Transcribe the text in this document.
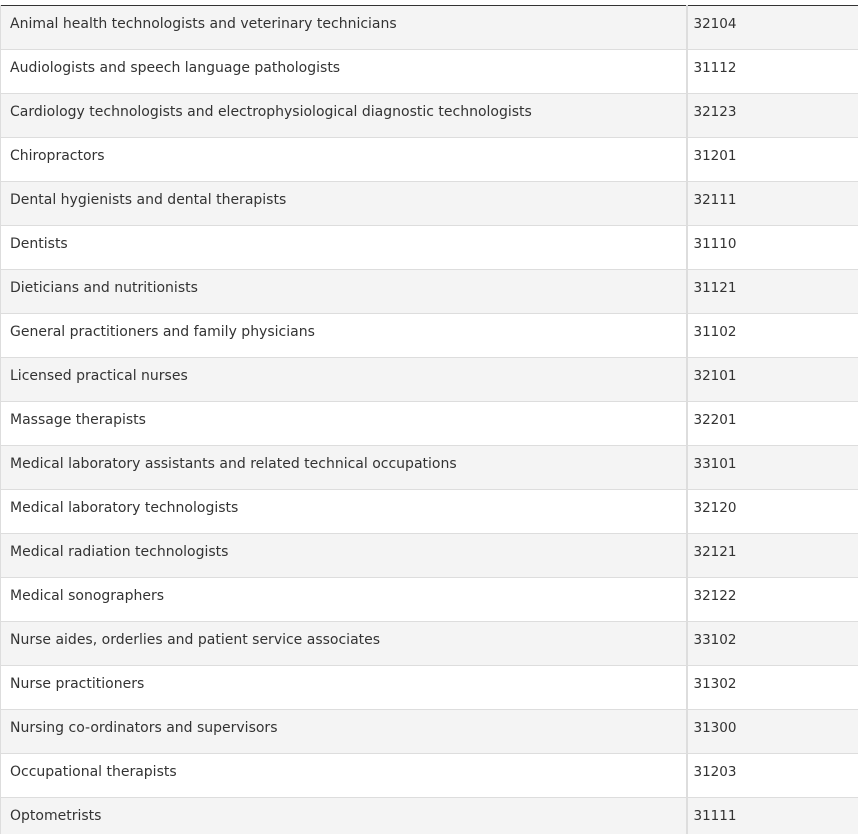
Animal health technologists and veterinary technicians	32104
Audiologists and speech language pathologists	31112
Cardiology technologists and electrophysiological diagnostic technologists	32123
Chiropractors	31201
Dental hygienists and dental therapists	32111
Dentists	31110
Dieticians and nutritionists	31121
General practitioners and family physicians	31102
Licensed practical nurses	32101
Massage therapists	32201
Medical laboratory assistants and related technical occupations	33101
Medical laboratory technologists	32120
Medical radiation technologists	32121
Medical sonographers	32122
Nurse aides, orderlies and patient service associates	33102
Nurse practitioners	31302
Nursing co-ordinators and supervisors	31300
Occupational therapists	31203
Optometrists	31111
